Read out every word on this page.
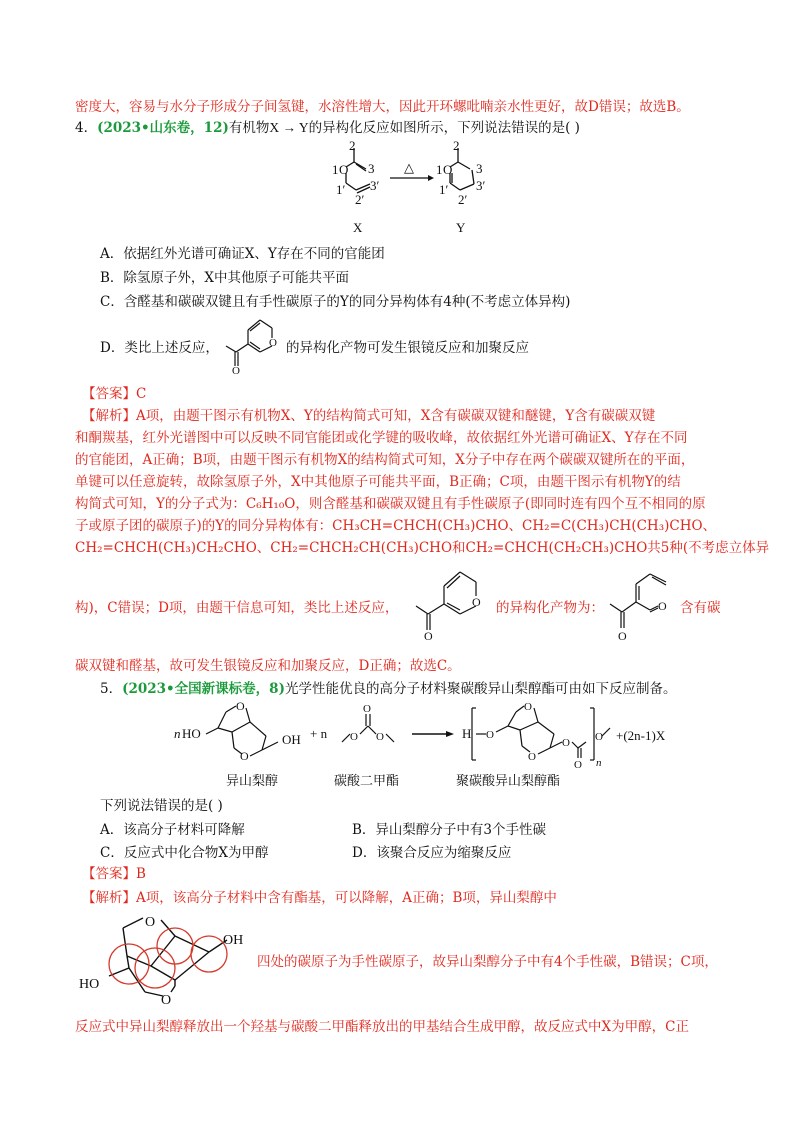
密度大，容易与水分子形成分子间氢键，水溶性增大，因此开环螺吡喃亲水性更好，故D错误；故选B。
4．(2023•山东卷，12)有机物X → Y的异构化反应如图所示，下列说法错误的是( )
1 O 3
1′
2′
3′
X
2
△ 1 O
2
3
1′
2′
3′
Y
A．依据红外光谱可确证X、Y存在不同的官能团
B．除氢原子外，X中其他原子可能共平面
C．含醛基和碳碳双键且有手性碳原子的Y的同分异构体有4种(不考虑立体异构)
D．类比上述反应，	O
O
的异构化产物可发生银镜反应和加聚反应
【答案】C
【解析】A项，由题干图示有机物X、Y的结构简式可知，X含有碳碳双键和醚键，Y含有碳碳双键
和酮羰基，红外光谱图中可以反映不同官能团或化学键的吸收峰，故依据红外光谱可确证X、Y存在不同
的官能团，A正确；B项，由题干图示有机物X的结构简式可知，X分子中存在两个碳碳双键所在的平面，
单键可以任意旋转，故除氢原子外，X中其他原子可能共平面，B正确；C项，由题干图示有机物Y的结
构简式可知，Y的分子式为：C₆H₁₀O，则含醛基和碳碳双键且有手性碳原子(即同时连有四个互不相同的原
子或原子团的碳原子)的Y的同分异构体有：CH₃CH=CHCH(CH₃)CHO、CH₂=C(CH₃)CH(CH₃)CHO、
CH₂=CHCH(CH₃)CH₂CHO、CH₂=CHCH₂CH(CH₃)CHO和CH₂=CHCH(CH₂CH₃)CHO共5种(不考虑立体异
构)，C错误；D项，由题干信息可知，类比上述反应，	O
O
的异构化产物为：	O
O
含有碳
碳双键和醛基，故可发生银镜反应和加聚反应，D正确；故选C。
5．(2023•全国新课标卷，8)光学性能优良的高分子材料聚碳酸异山梨醇酯可由如下反应制备。
n HO	OH + n	H	+(2n-1)X
O
O
O O
O
O
O
O
O
O
O
n
异山梨醇	碳酸二甲酯	聚碳酸异山梨醇酯
下列说法错误的是( )
A．该高分子材料可降解	B．异山梨醇分子中有3个手性碳
C．反应式中化合物X为甲醇	D．该聚合反应为缩聚反应
【答案】B
【解析】A项，该高分子材料中含有酯基，可以降解，A正确；B项，异山梨醇中
O
OH
HO
O
四处的碳原子为手性碳原子，故异山梨醇分子中有4个手性碳，B错误；C项，
反应式中异山梨醇释放出一个羟基与碳酸二甲酯释放出的甲基结合生成甲醇，故反应式中X为甲醇，C正
